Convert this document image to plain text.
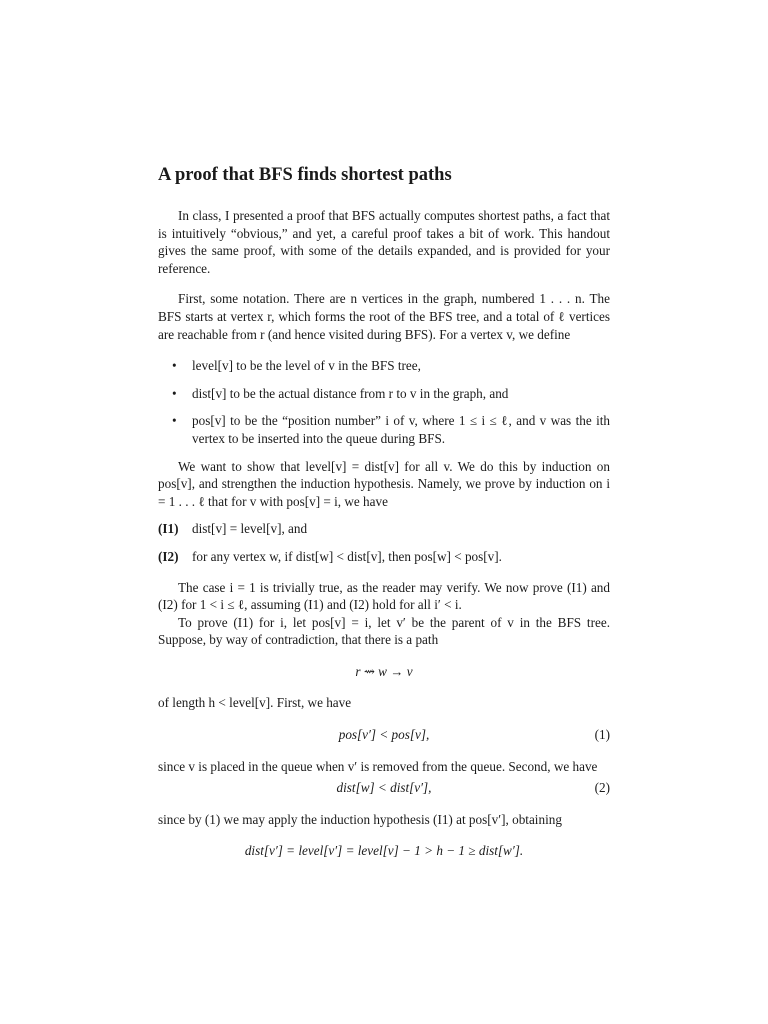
A proof that BFS finds shortest paths

In class, I presented a proof that BFS actually computes shortest paths, a fact that is intuitively “obvious,” and yet, a careful proof takes a bit of work. This handout gives the same proof, with some of the details expanded, and is provided for your reference.

First, some notation. There are n vertices in the graph, numbered 1 . . . n. The BFS starts at vertex r, which forms the root of the BFS tree, and a total of ℓ vertices are reachable from r (and hence visited during BFS). For a vertex v, we define

• level[v] to be the level of v in the BFS tree,
• dist[v] to be the actual distance from r to v in the graph, and
• pos[v] to be the “position number” i of v, where 1 ≤ i ≤ ℓ, and v was the ith vertex to be inserted into the queue during BFS.

We want to show that level[v] = dist[v] for all v. We do this by induction on pos[v], and strengthen the induction hypothesis. Namely, we prove by induction on i = 1 . . . ℓ that for v with pos[v] = i, we have

(I1) dist[v] = level[v], and
(I2) for any vertex w, if dist[w] < dist[v], then pos[w] < pos[v].

The case i = 1 is trivially true, as the reader may verify. We now prove (I1) and (I2) for 1 < i ≤ ℓ, assuming (I1) and (I2) hold for all i′ < i.

To prove (I1) for i, let pos[v] = i, let v′ be the parent of v in the BFS tree. Suppose, by way of contradiction, that there is a path

r ⇝ w → v

of length h < level[v]. First, we have

pos[v′] < pos[v],	(1)

since v is placed in the queue when v′ is removed from the queue. Second, we have

dist[w] < dist[v′],	(2)

since by (1) we may apply the induction hypothesis (I1) at pos[v′], obtaining

dist[v′] = level[v′] = level[v] − 1 > h − 1 ≥ dist[w′].
